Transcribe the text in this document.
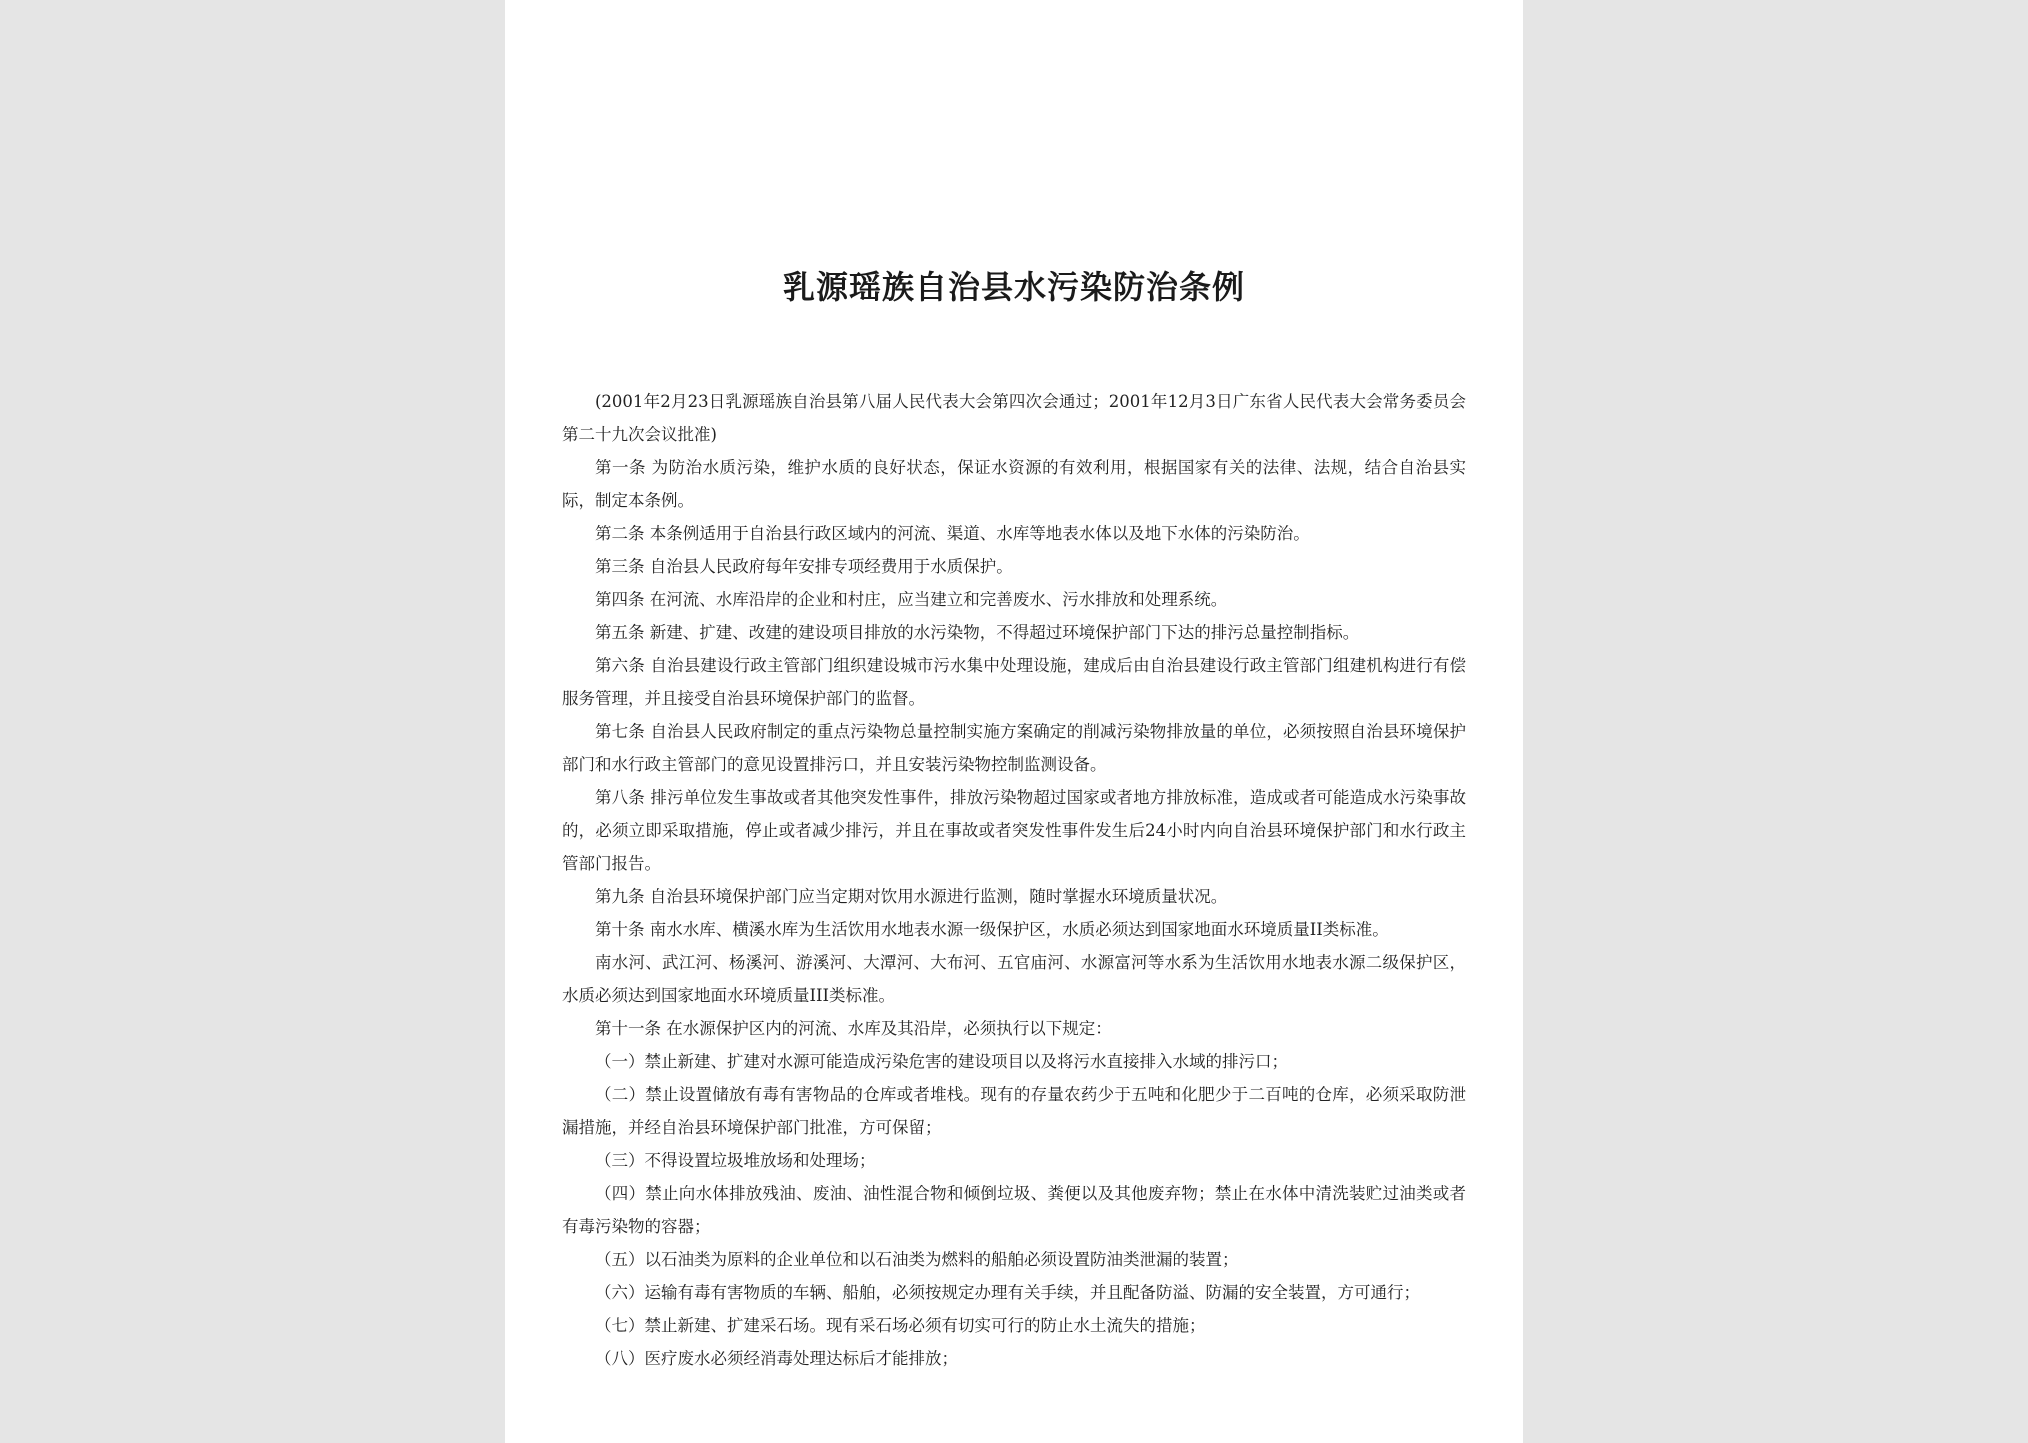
乳源瑶族自治县水污染防治条例

(2001年2月23日乳源瑶族自治县第八届人民代表大会第四次会通过；2001年12月3日广东省人民代表大会常务委员会第二十九次会议批准)

第一条 为防治水质污染，维护水质的良好状态，保证水资源的有效利用，根据国家有关的法律、法规，结合自治县实际，制定本条例。

第二条 本条例适用于自治县行政区域内的河流、渠道、水库等地表水体以及地下水体的污染防治。

第三条 自治县人民政府每年安排专项经费用于水质保护。

第四条 在河流、水库沿岸的企业和村庄，应当建立和完善废水、污水排放和处理系统。

第五条 新建、扩建、改建的建设项目排放的水污染物，不得超过环境保护部门下达的排污总量控制指标。

第六条 自治县建设行政主管部门组织建设城市污水集中处理设施，建成后由自治县建设行政主管部门组建机构进行有偿服务管理，并且接受自治县环境保护部门的监督。

第七条 自治县人民政府制定的重点污染物总量控制实施方案确定的削减污染物排放量的单位，必须按照自治县环境保护部门和水行政主管部门的意见设置排污口，并且安装污染物控制监测设备。

第八条 排污单位发生事故或者其他突发性事件，排放污染物超过国家或者地方排放标准，造成或者可能造成水污染事故的，必须立即采取措施，停止或者减少排污，并且在事故或者突发性事件发生后24小时内向自治县环境保护部门和水行政主管部门报告。

第九条 自治县环境保护部门应当定期对饮用水源进行监测，随时掌握水环境质量状况。

第十条 南水水库、横溪水库为生活饮用水地表水源一级保护区，水质必须达到国家地面水环境质量II类标准。

南水河、武江河、杨溪河、游溪河、大潭河、大布河、五官庙河、水源富河等水系为生活饮用水地表水源二级保护区，水质必须达到国家地面水环境质量III类标准。

第十一条 在水源保护区内的河流、水库及其沿岸，必须执行以下规定：

（一）禁止新建、扩建对水源可能造成污染危害的建设项目以及将污水直接排入水域的排污口；

（二）禁止设置储放有毒有害物品的仓库或者堆栈。现有的存量农药少于五吨和化肥少于二百吨的仓库，必须采取防泄漏措施，并经自治县环境保护部门批准，方可保留；

（三）不得设置垃圾堆放场和处理场；

（四）禁止向水体排放残油、废油、油性混合物和倾倒垃圾、粪便以及其他废弃物；禁止在水体中清洗装贮过油类或者有毒污染物的容器；

（五）以石油类为原料的企业单位和以石油类为燃料的船舶必须设置防油类泄漏的装置；

（六）运输有毒有害物质的车辆、船舶，必须按规定办理有关手续，并且配备防溢、防漏的安全装置，方可通行；

（七）禁止新建、扩建采石场。现有采石场必须有切实可行的防止水土流失的措施；

（八）医疗废水必须经消毒处理达标后才能排放；
